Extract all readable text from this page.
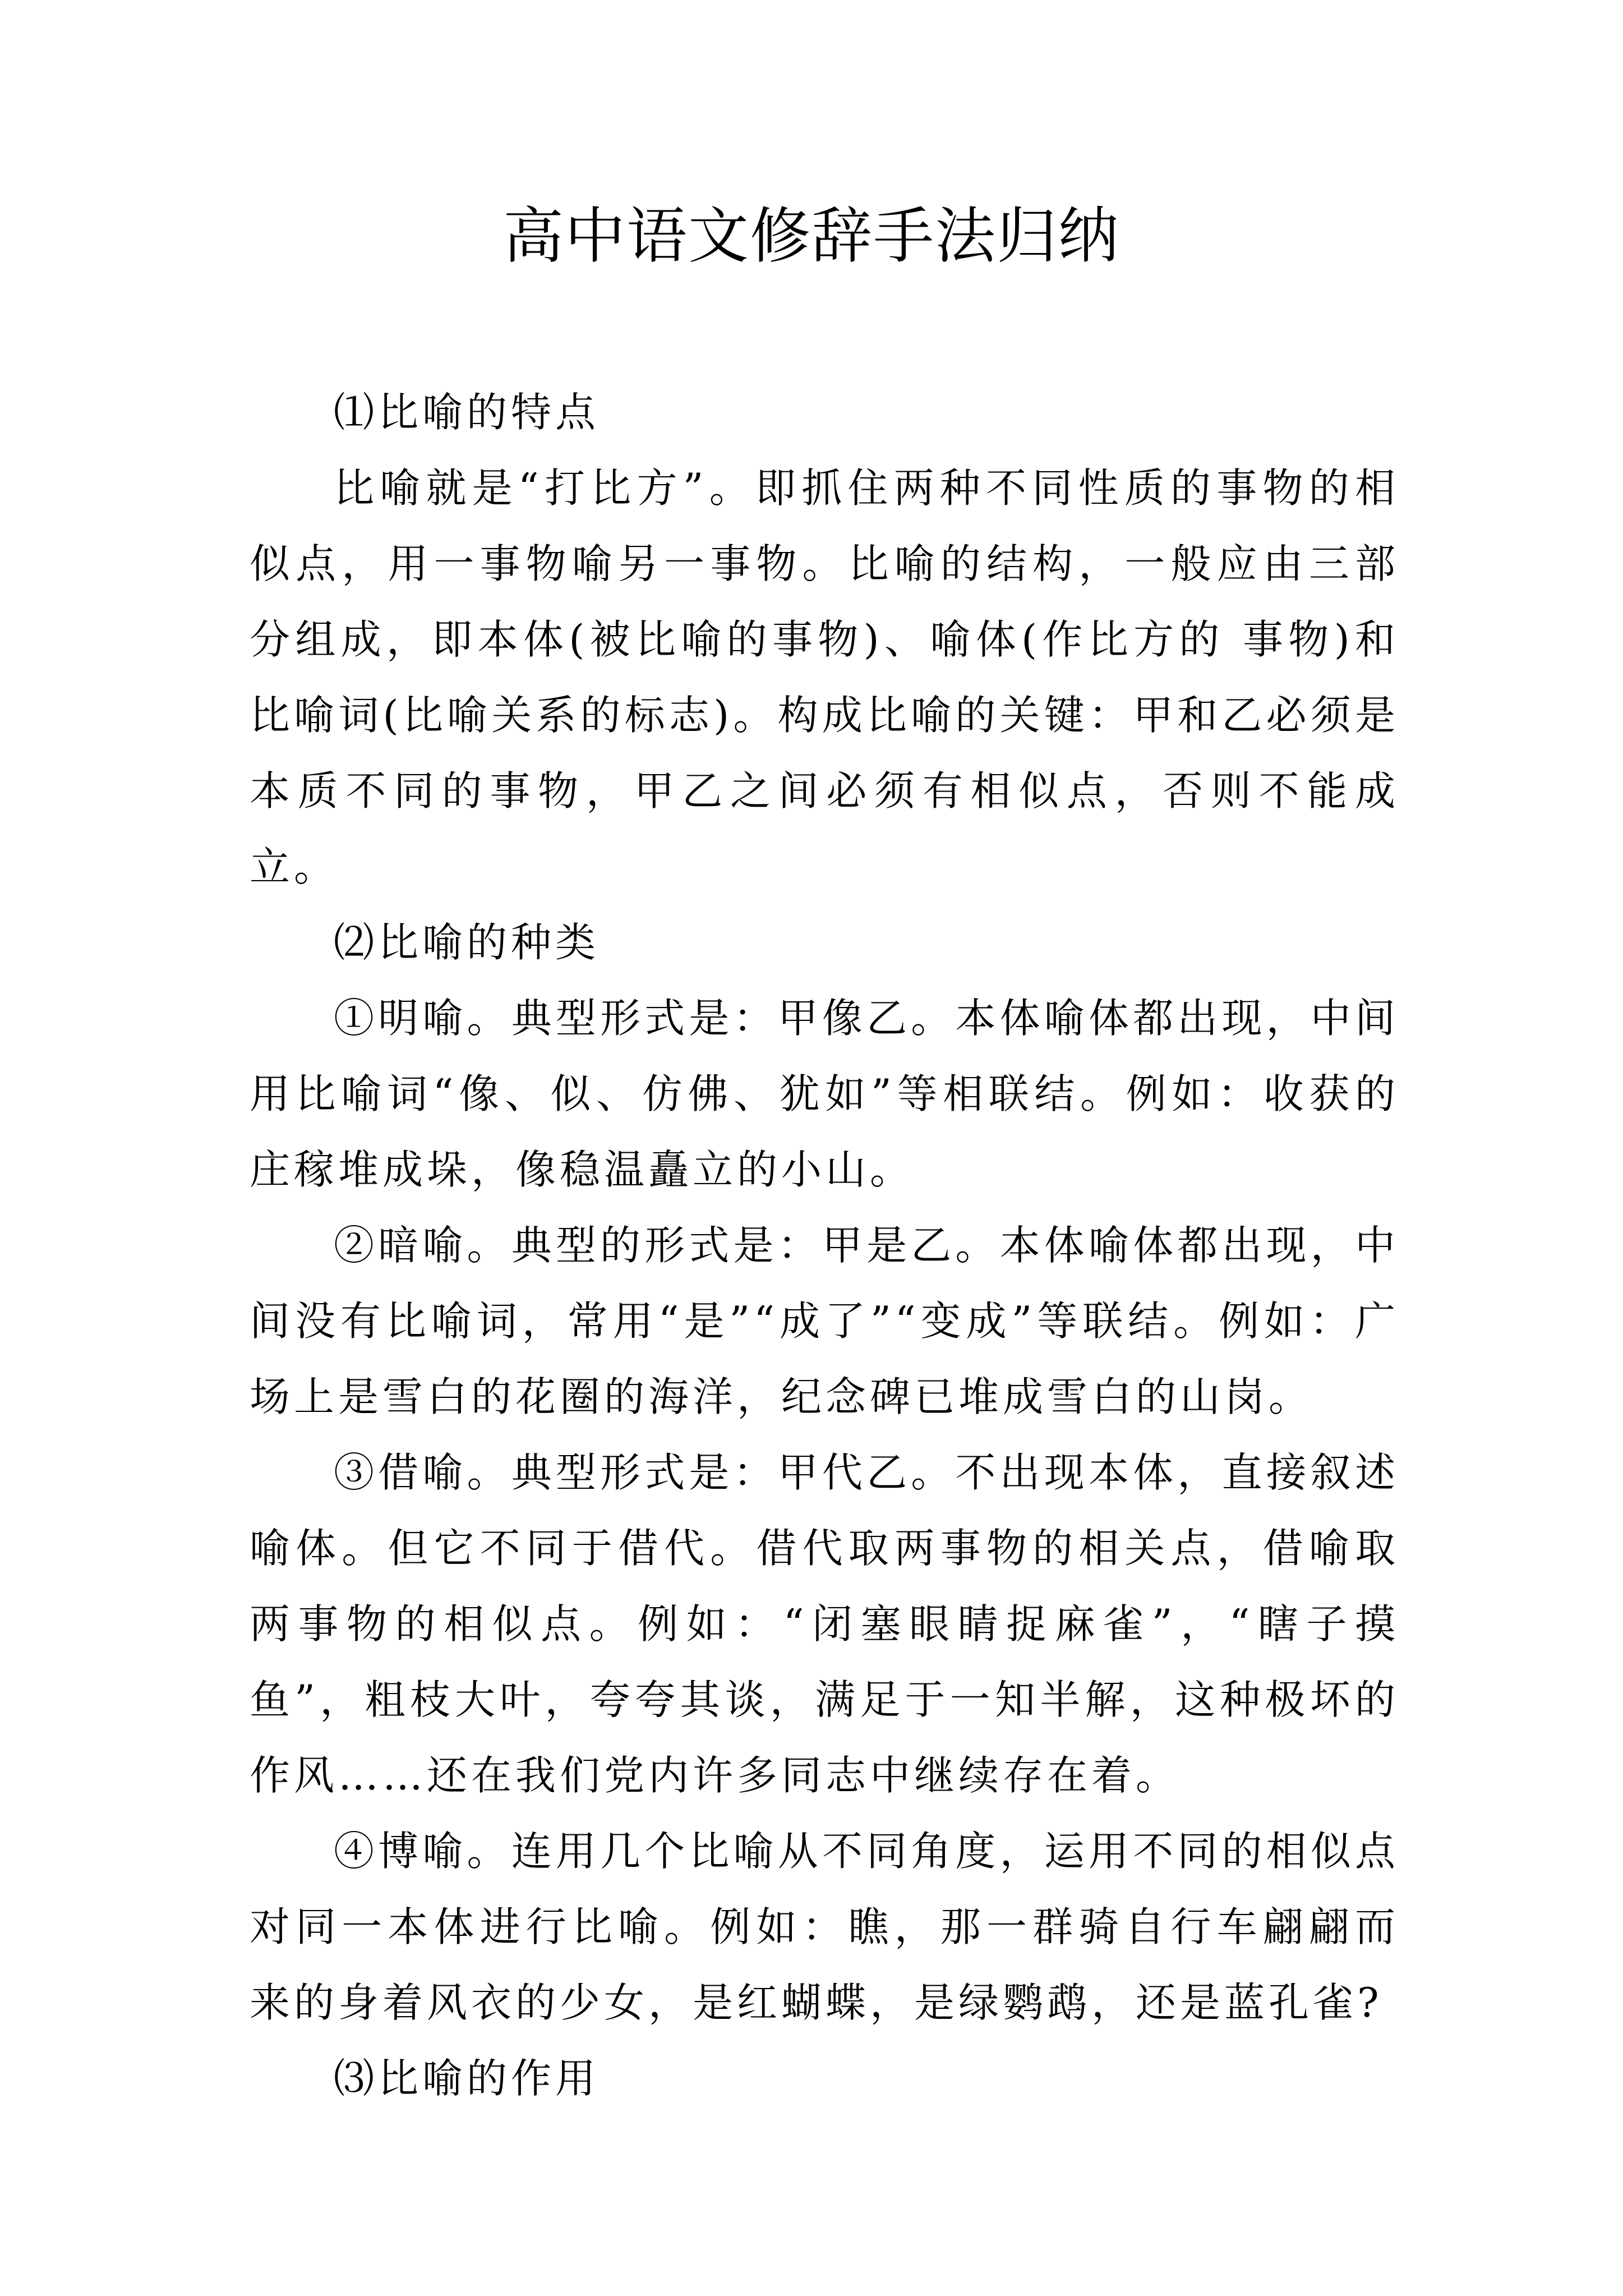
高中语文修辞手法归纳

⑴比喻的特点

比喻就是“打比方”。即抓住两种不同性质的事物的相似点，用一事物喻另一事物。比喻的结构，一般应由三部分组成，即本体(被比喻的事物)、喻体(作比方的 事物)和比喻词(比喻关系的标志)。构成比喻的关键：甲和乙必须是本质不同的事物，甲乙之间必须有相似点，否则不能成立。

⑵比喻的种类

①明喻。典型形式是：甲像乙。本体喻体都出现，中间用比喻词“像、似、仿佛、犹如”等相联结。例如：收获的庄稼堆成垛，像稳温矗立的小山。

②暗喻。典型的形式是：甲是乙。本体喻体都出现，中间没有比喻词，常用“是”“成了”“变成”等联结。例如：广场上是雪白的花圈的海洋，纪念碑已堆成雪白的山岗。

③借喻。典型形式是：甲代乙。不出现本体，直接叙述喻体。但它不同于借代。借代取两事物的相关点，借喻取两事物的相似点。例如：“闭塞眼睛捉麻雀”，“瞎子摸鱼”，粗枝大叶，夸夸其谈，满足于一知半解，这种极坏的作风……还在我们党内许多同志中继续存在着。

④博喻。连用几个比喻从不同角度，运用不同的相似点对同一本体进行比喻。例如：瞧，那一群骑自行车翩翩而来的身着风衣的少女，是红蝴蝶，是绿鹦鹉，还是蓝孔雀?

⑶比喻的作用
